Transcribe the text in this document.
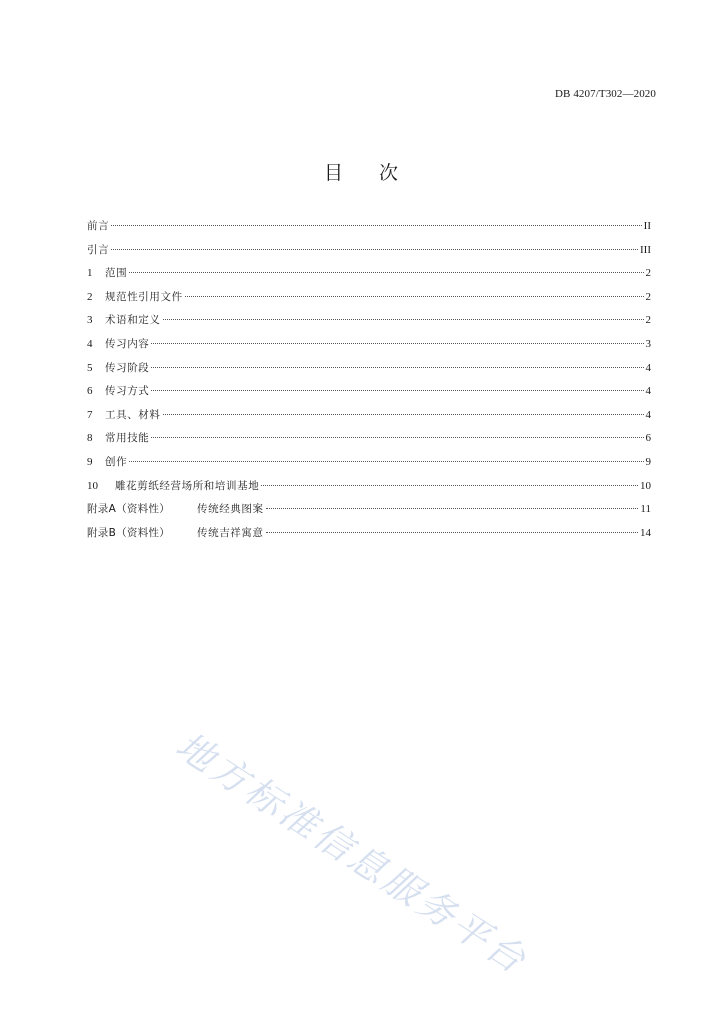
DB 4207/T302—2020
目 次
前言	II
引言	III
1	范围	2
2	规范性引用文件	2
3	术语和定义	2
4	传习内容	3
5	传习阶段	4
6	传习方式	4
7	工具、材料	4
8	常用技能	6
9	创作	9
10	雕花剪纸经营场所和培训基地	10
附录A（资料性）	传统经典图案	11
附录B（资料性）	传统吉祥寓意	14
地方标准信息服务平台
